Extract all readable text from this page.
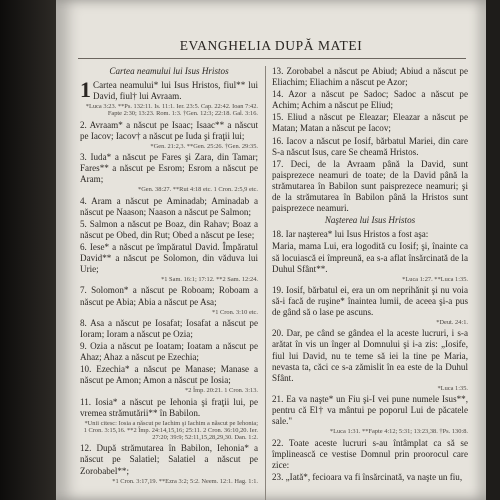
EVANGHELIA DUPĂ MATEI
Cartea neamului lui Isus Hristos
1 Cartea neamului* lui Isus Hristos, fiul** lui David, fiul† lui Avraam.
*Luca 3:23. **Ps. 132:11. Is. 11:1. Ier. 23:5. Cap. 22:42. Ioan 7:42. Fapte 2:30; 13:23. Rom. 1:3. †Gen. 12:3; 22:18. Gal. 3:16.
2. Avraam* a născut pe Isaac; Isaac** a născut pe Iacov; Iacov† a născut pe Iuda şi fraţii lui;
*Gen. 21:2,3. **Gen. 25:26. †Gen. 29:35.
3. Iuda* a născut pe Fares şi Zara, din Tamar; Fares** a născut pe Esrom; Esrom a născut pe Aram;
*Gen. 38:27. **Rut 4:18 etc. 1 Cron. 2:5,9 etc.
4. Aram a născut pe Aminadab; Aminadab a născut pe Naason; Naason a născut pe Salmon;
5. Salmon a născut pe Boaz, din Rahav; Boaz a născut pe Obed, din Rut; Obed a născut pe Iese;
6. Iese* a născut pe împăratul David. Împăratul David** a născut pe Solomon, din văduva lui Urie;
*1 Sam. 16:1; 17:12. **2 Sam. 12:24.
7. Solomon* a născut pe Roboam; Roboam a născut pe Abia; Abia a născut pe Asa;
*1 Cron. 3:10 etc.
8. Asa a născut pe Iosafat; Iosafat a născut pe Ioram; Ioram a născut pe Ozia;
9. Ozia a născut pe Ioatam; Ioatam a născut pe Ahaz; Ahaz a născut pe Ezechia;
10. Ezechia* a născut pe Manase; Manase a născut pe Amon; Amon a născut pe Iosia;
*2 Împ. 20:21. 1 Cron. 3:13.
11. Iosia* a născut pe Iehonia şi fraţii lui, pe vremea strămutării** în Babilon.
*Unii citesc: Iosia a născut pe Iachim şi Iachim a născut pe Iehonia; 1 Cron. 3:15,16. **2 Împ. 24:14,15,16; 25:11. 2 Cron. 36:10,20. Ier. 27:20; 39:9; 52:11,15,28,29,30. Dan. 1:2.
12. După strămutarea în Babilon, Iehonia* a născut pe Salatiel; Salatiel a născut pe Zorobabel**;
*1 Cron. 3:17,19. **Ezra 3:2; 5:2. Neem. 12:1. Hag. 1:1.
13. Zorobabel a născut pe Abiud; Abiud a născut pe Eliachim; Eliachim a născut pe Azor;
14. Azor a născut pe Sadoc; Sadoc a născut pe Achim; Achim a născut pe Eliud;
15. Eliud a născut pe Eleazar; Eleazar a născut pe Matan; Matan a născut pe Iacov;
16. Iacov a născut pe Iosif, bărbatul Mariei, din care S-a născut Isus, care Se cheamă Hristos.
17. Deci, de la Avraam până la David, sunt paisprezece neamuri de toate; de la David până la strămutarea în Babilon sunt paisprezece neamuri; şi de la strămutarea în Babilon până la Hristos sunt paisprezece neamuri.
Naşterea lui Isus Hristos
18. Iar naşterea* lui Isus Hristos a fost aşa:
Maria, mama Lui, era logodită cu Iosif; şi, înainte ca să locuiască ei împreună, ea s-a aflat însărcinată de la Duhul Sfânt**.
*Luca 1:27. **Luca 1:35.
19. Iosif, bărbatul ei, era un om neprihănit şi nu voia să-i facă de ruşine* înaintea lumii, de aceea şi-a pus de gând să o lase pe ascuns.
*Deut. 24:1.
20. Dar, pe când se gândea el la aceste lucruri, i s-a arătat în vis un înger al Domnului şi i-a zis: „Iosife, fiul lui David, nu te teme să iei la tine pe Maria, nevasta ta, căci ce s-a zămislit în ea este de la Duhul Sfânt.
*Luca 1:35.
21. Ea va naşte* un Fiu şi-I vei pune numele Isus**, pentru că El† va mântui pe poporul Lui de păcatele sale."
*Luca 1:31. **Fapte 4:12; 5:31; 13:23,38. †Ps. 130:8.
22. Toate aceste lucruri s-au întâmplat ca să se împlinească ce vestise Domnul prin proorocul care zice:
23. „Iată*, fecioara va fi însărcinată, va naşte un fiu,
